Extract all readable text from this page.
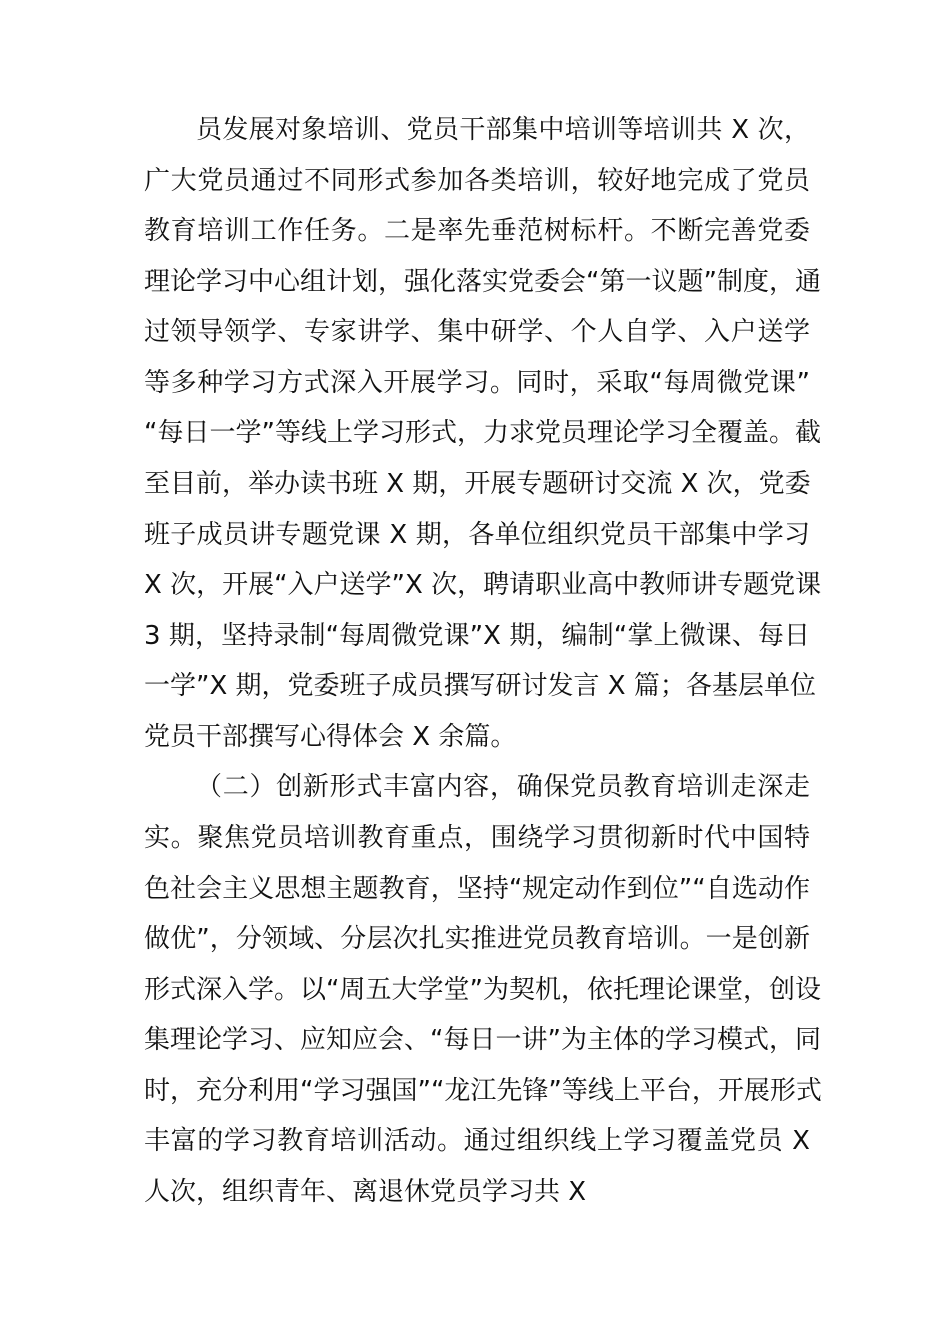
员发展对象培训、党员干部集中培训等培训共 X 次，
广大党员通过不同形式参加各类培训，较好地完成了党员
教育培训工作任务。二是率先垂范树标杆。不断完善党委
理论学习中心组计划，强化落实党委会“第一议题”制度，通
过领导领学、专家讲学、集中研学、个人自学、入户送学
等多种学习方式深入开展学习。同时，采取“每周微党课”
“每日一学”等线上学习形式，力求党员理论学习全覆盖。截
至目前，举办读书班 X 期，开展专题研讨交流 X 次，党委
班子成员讲专题党课 X 期，各单位组织党员干部集中学习
X 次，开展“入户送学”X 次，聘请职业高中教师讲专题党课
3 期，坚持录制“每周微党课”X 期，编制“掌上微课、每日
一学”X 期，党委班子成员撰写研讨发言 X 篇；各基层单位
党员干部撰写心得体会 X 余篇。
（二）创新形式丰富内容，确保党员教育培训走深走
实。聚焦党员培训教育重点，围绕学习贯彻新时代中国特
色社会主义思想主题教育，坚持“规定动作到位”“自选动作
做优”，分领域、分层次扎实推进党员教育培训。一是创新
形式深入学。以“周五大学堂”为契机，依托理论课堂，创设
集理论学习、应知应会、“每日一讲”为主体的学习模式，同
时，充分利用“学习强国”“龙江先锋”等线上平台，开展形式
丰富的学习教育培训活动。通过组织线上学习覆盖党员 X
人次，组织青年、离退休党员学习共 X
